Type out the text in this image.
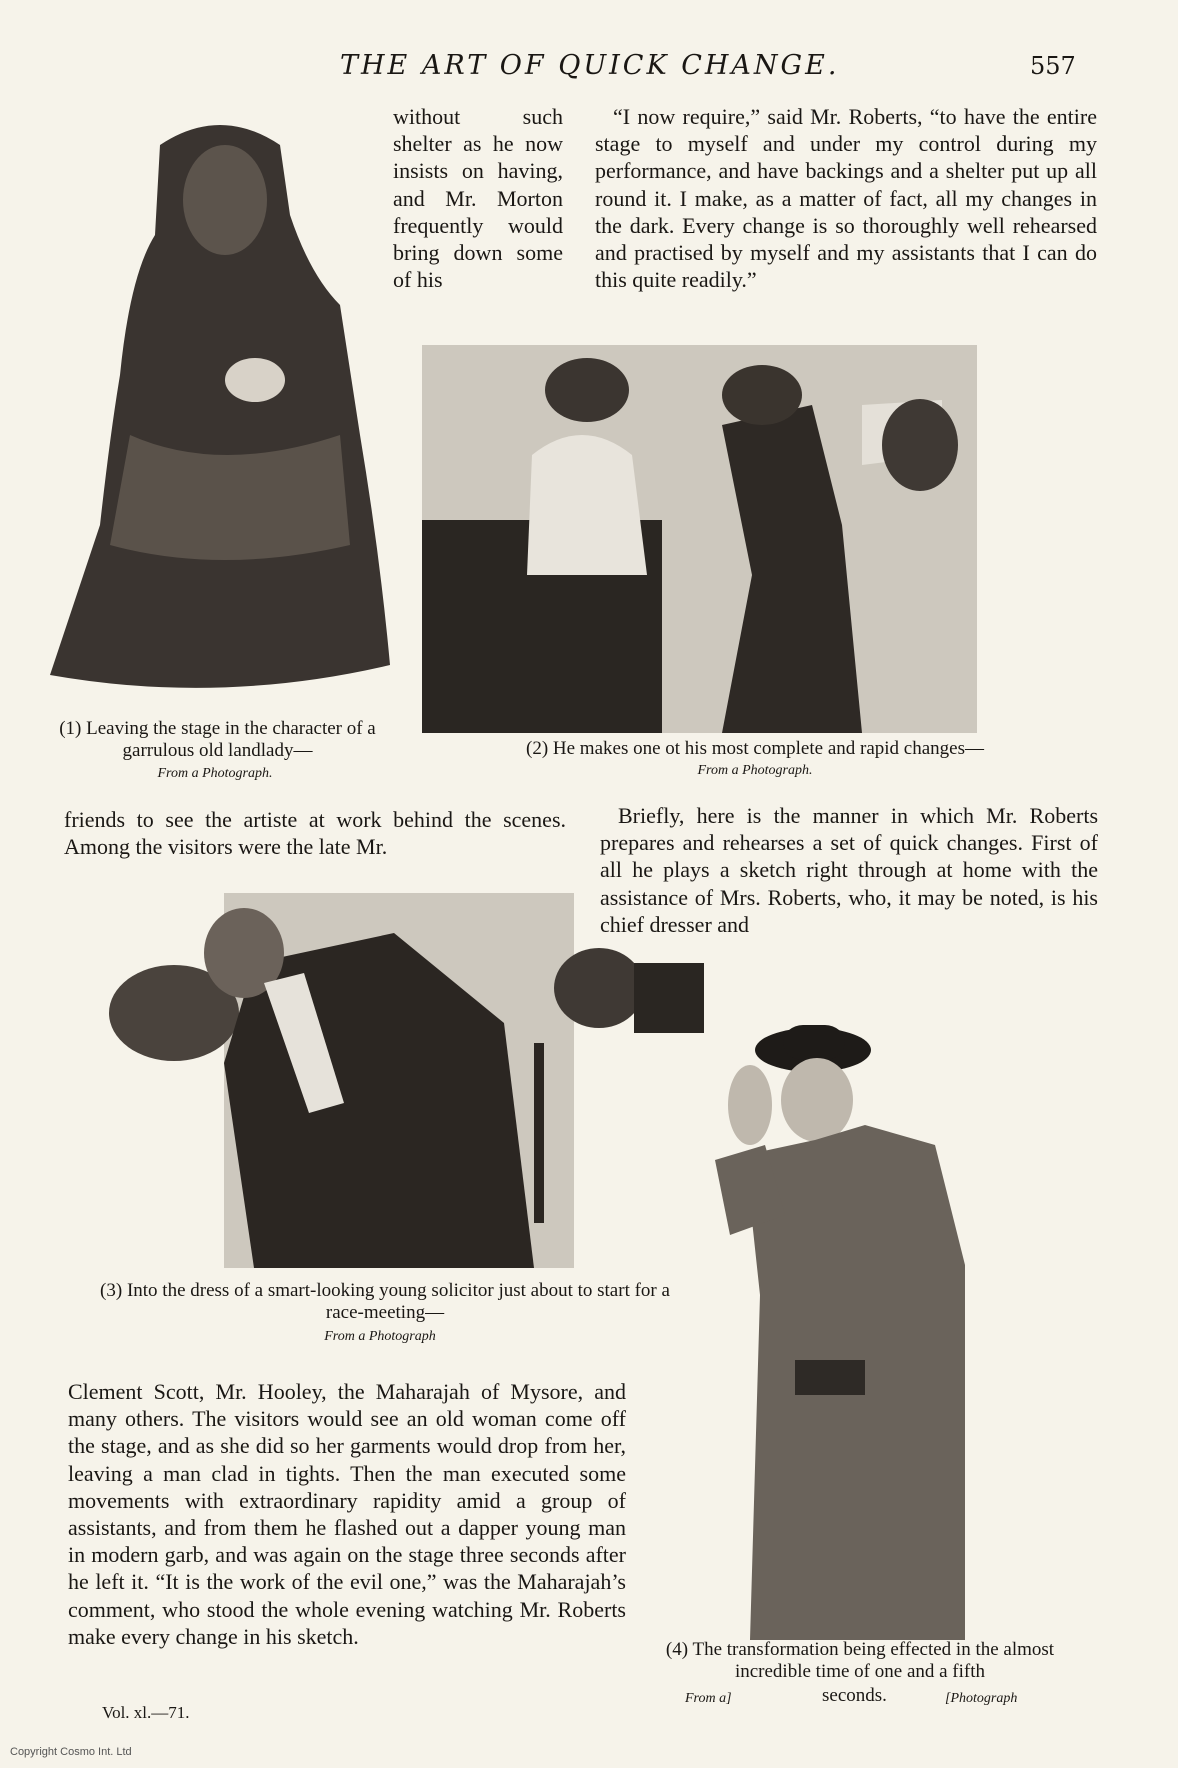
THE ART OF QUICK CHANGE.	557
(1) Leaving the stage in the character of a garrulous old landlady—
From a Photograph.

without such shelter as he now insists on having, and Mr. Morton frequently would bring down some of his

“I now require,” said Mr. Roberts, “to have the entire stage to myself and under my control during my performance, and have backings and a shelter put up all round it. I make, as a matter of fact, all my changes in the dark. Every change is so thoroughly well rehearsed and practised by myself and my assistants that I can do this quite readily.”

(2) He makes one ot his most complete and rapid changes—
From a Photograph.

friends to see the artiste at work behind the scenes. Among the visitors were the late Mr.

Briefly, here is the manner in which Mr. Roberts prepares and rehearses a set of quick changes. First of all he plays a sketch right through at home with the assistance of Mrs. Roberts, who, it may be noted, is his chief dresser and

(3) Into the dress of a smart-looking young solicitor just about to start for a race-meeting—
From a Photograph

Clement Scott, Mr. Hooley, the Maharajah of Mysore, and many others. The visitors would see an old woman come off the stage, and as she did so her garments would drop from her, leaving a man clad in tights. Then the man executed some movements with extraordinary rapidity amid a group of assistants, and from them he flashed out a dapper young man in modern garb, and was again on the stage three seconds after he left it. “It is the work of the evil one,” was the Maharajah’s comment, who stood the whole evening watching Mr. Roberts make every change in his sketch.

(4) The transformation being effected in the almost incredible time of one and a fifth
From a]	seconds.	[Photograph
Vol. xl.—71.
Copyright Cosmo Int. Ltd
